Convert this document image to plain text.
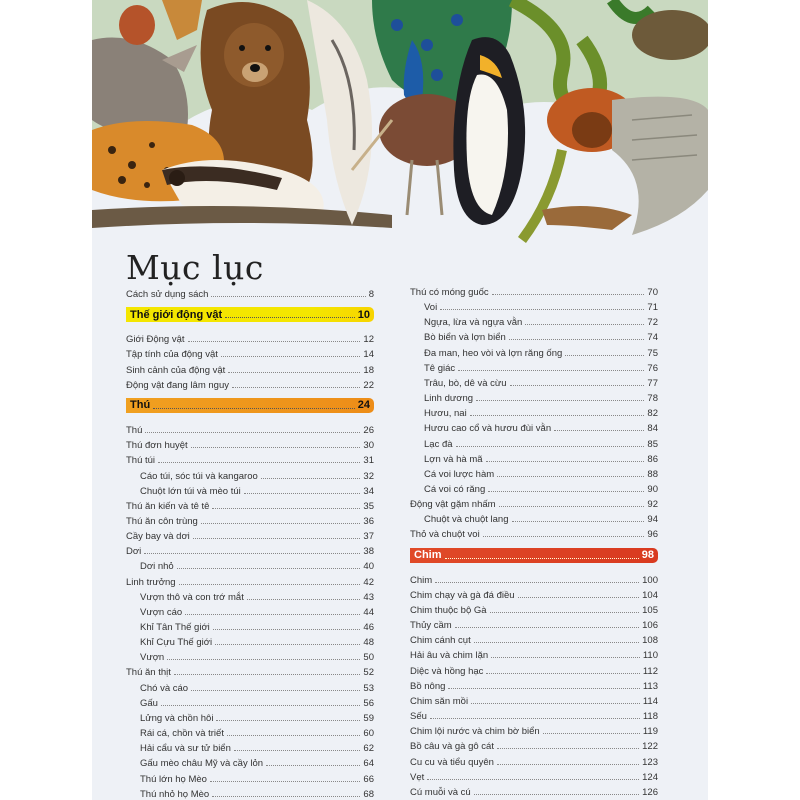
Mục lục
Cách sử dụng sách	8
Thế giới động vật	10
Giới Động vật	12
Tập tính của động vật	14
Sinh cảnh của động vật	18
Động vật đang lâm nguy	22
Thú	24
Thú	26
Thú đơn huyệt	30
Thú túi	31
Cáo túi, sóc túi và kangaroo	32
Chuột lớn túi và mèo túi	34
Thú ăn kiến và tê tê	35
Thú ăn côn trùng	36
Cầy bay và dơi	37
Dơi	38
Dơi nhỏ	40
Linh trưởng	42
Vượn thô và con trớ mắt	43
Vượn cáo	44
Khỉ Tân Thế giới	46
Khỉ Cựu Thế giới	48
Vượn	50
Thú ăn thịt	52
Chó và cáo	53
Gấu	56
Lửng và chồn hôi	59
Rái cá, chồn và triết	60
Hải cẩu và sư tử biển	62
Gấu mèo châu Mỹ và cầy lỏn	64
Thú lớn họ Mèo	66
Thú nhỏ họ Mèo	68
Thú có móng guốc	70
Voi	71
Ngựa, lừa và ngựa vằn	72
Bò biển và lợn biển	74
Đa man, heo vòi và lợn răng ống	75
Tê giác	76
Trâu, bò, dê và cừu	77
Linh dương	78
Hươu, nai	82
Hươu cao cổ và hươu đùi vằn	84
Lạc đà	85
Lợn và hà mã	86
Cá voi lược hàm	88
Cá voi có răng	90
Động vật gặm nhấm	92
Chuột và chuột lang	94
Thỏ và chuột voi	96
Chim	98
Chim	100
Chim chạy và gà đá điều	104
Chim thuộc bộ Gà	105
Thủy cầm	106
Chim cánh cụt	108
Hải âu và chim lặn	110
Diệc và hồng hạc	112
Bồ nông	113
Chim săn mồi	114
Sếu	118
Chim lội nước và chim bờ biển	119
Bồ câu và gà gô cát	122
Cu cu và tiểu quyên	123
Vẹt	124
Cú muỗi và cú	126
